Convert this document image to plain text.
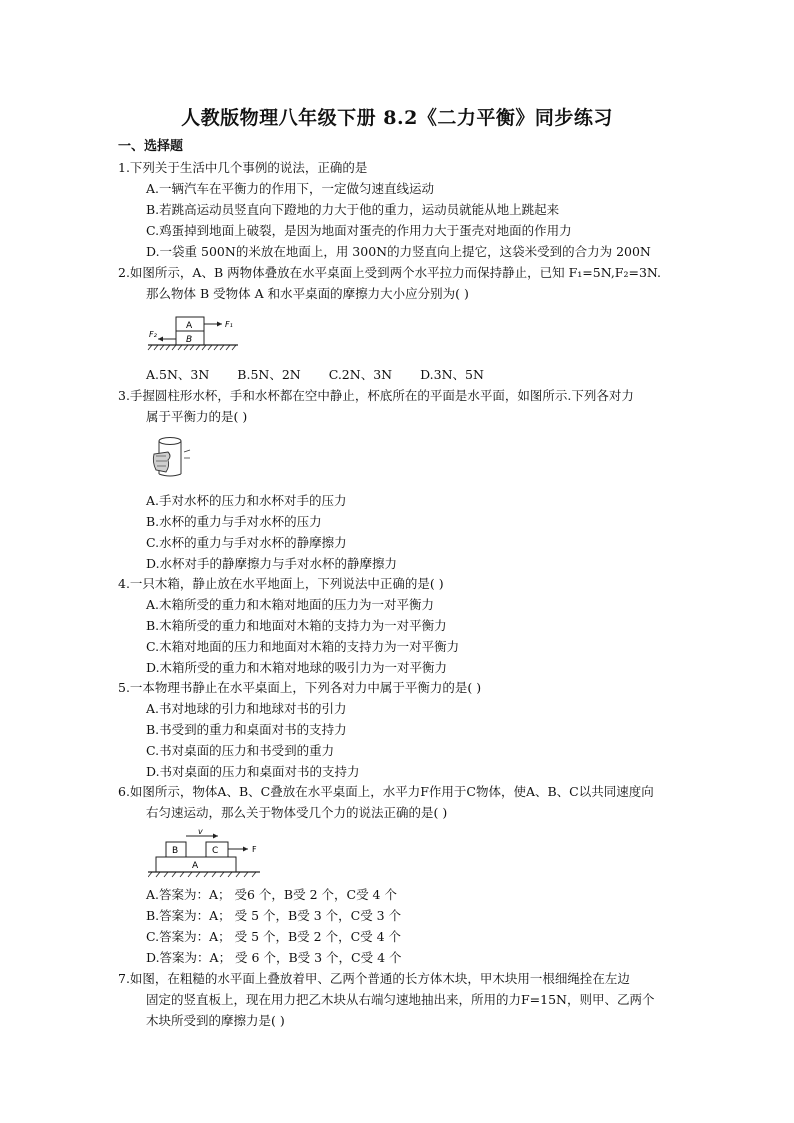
人教版物理八年级下册 8.2《二力平衡》同步练习
一、选择题
1.下列关于生活中几个事例的说法，正确的是
A.一辆汽车在平衡力的作用下，一定做匀速直线运动
B.若跳高运动员竖直向下蹬地的力大于他的重力，运动员就能从地上跳起来
C.鸡蛋掉到地面上破裂，是因为地面对蛋壳的作用力大于蛋壳对地面的作用力
D.一袋重 500N的米放在地面上，用 300N的力竖直向上提它，这袋米受到的合力为 200N
2.如图所示，A、B 两物体叠放在水平桌面上受到两个水平拉力而保持静止，已知 F₁=5N,F₂=3N.
那么物体 B 受物体 A 和水平桌面的摩擦力大小应分别为( )
A
B
F₁
F₂
A.5N、3N B.5N、2N C.2N、3N D.3N、5N
3.手握圆柱形水杯，手和水杯都在空中静止，杯底所在的平面是水平面，如图所示.下列各对力
属于平衡力的是( )
A.手对水杯的压力和水杯对手的压力
B.水杯的重力与手对水杯的压力
C.水杯的重力与手对水杯的静摩擦力
D.水杯对手的静摩擦力与手对水杯的静摩擦力
4.一只木箱，静止放在水平地面上，下列说法中正确的是( )
A.木箱所受的重力和木箱对地面的压力为一对平衡力
B.木箱所受的重力和地面对木箱的支持力为一对平衡力
C.木箱对地面的压力和地面对木箱的支持力为一对平衡力
D.木箱所受的重力和木箱对地球的吸引力为一对平衡力
5.一本物理书静止在水平桌面上，下列各对力中属于平衡力的是( )
A.书对地球的引力和地球对书的引力
B.书受到的重力和桌面对书的支持力
C.书对桌面的压力和书受到的重力
D.书对桌面的压力和桌面对书的支持力
6.如图所示，物体A、B、C叠放在水平桌面上，水平力F作用于C物体，使A、B、C以共同速度向
右匀速运动，那么关于物体受几个力的说法正确的是( )
v
B	C	F
A
A.答案为：A； 受6 个，B受 2 个，C受 4 个
B.答案为：A； 受 5 个，B受 3 个，C受 3 个
C.答案为：A； 受 5 个，B受 2 个，C受 4 个
D.答案为：A； 受 6 个，B受 3 个，C受 4 个
7.如图，在粗糙的水平面上叠放着甲、乙两个普通的长方体木块，甲木块用一根细绳拴在左边
固定的竖直板上，现在用力把乙木块从右端匀速地抽出来，所用的力F=15N，则甲、乙两个
木块所受到的摩擦力是( )
